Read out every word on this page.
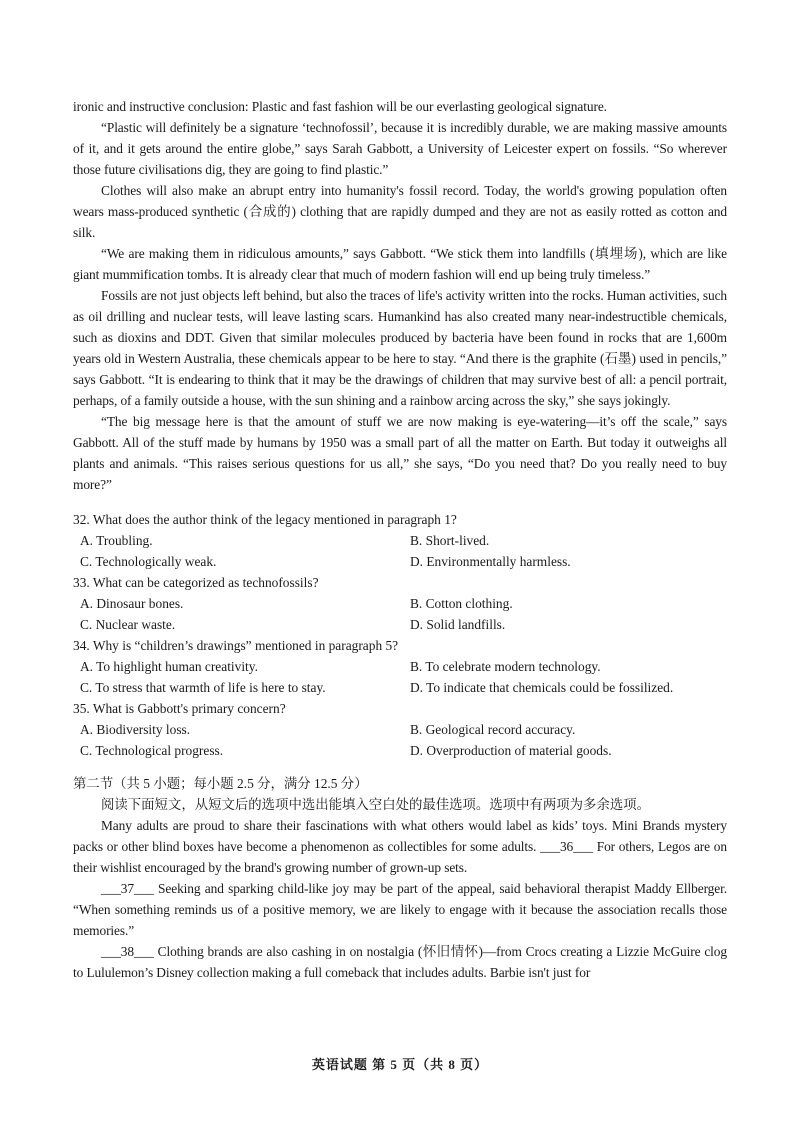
ironic and instructive conclusion: Plastic and fast fashion will be our everlasting geological signature.

“Plastic will definitely be a signature ‘technofossil’, because it is incredibly durable, we are making massive amounts of it, and it gets around the entire globe,” says Sarah Gabbott, a University of Leicester expert on fossils. “So wherever those future civilisations dig, they are going to find plastic.”

Clothes will also make an abrupt entry into humanity's fossil record. Today, the world's growing population often wears mass-produced synthetic (合成的) clothing that are rapidly dumped and they are not as easily rotted as cotton and silk.

“We are making them in ridiculous amounts,” says Gabbott. “We stick them into landfills (填埋场), which are like giant mummification tombs. It is already clear that much of modern fashion will end up being truly timeless.”

Fossils are not just objects left behind, but also the traces of life's activity written into the rocks. Human activities, such as oil drilling and nuclear tests, will leave lasting scars. Humankind has also created many near-indestructible chemicals, such as dioxins and DDT. Given that similar molecules produced by bacteria have been found in rocks that are 1,600m years old in Western Australia, these chemicals appear to be here to stay. “And there is the graphite (石墨) used in pencils,” says Gabbott. “It is endearing to think that it may be the drawings of children that may survive best of all: a pencil portrait, perhaps, of a family outside a house, with the sun shining and a rainbow arcing across the sky,” she says jokingly.

“The big message here is that the amount of stuff we are now making is eye-watering—it’s off the scale,” says Gabbott. All of the stuff made by humans by 1950 was a small part of all the matter on Earth. But today it outweighs all plants and animals. “This raises serious questions for us all,” she says, “Do you need that? Do you really need to buy more?”

32. What does the author think of the legacy mentioned in paragraph 1?

A. Troubling.	B. Short-lived.
C. Technologically weak.	D. Environmentally harmless.

33. What can be categorized as technofossils?

A. Dinosaur bones.	B. Cotton clothing.
C. Nuclear waste.	D. Solid landfills.

34. Why is “children’s drawings” mentioned in paragraph 5?

A. To highlight human creativity.	B. To celebrate modern technology.
C. To stress that warmth of life is here to stay.	D. To indicate that chemicals could be fossilized.

35. What is Gabbott's primary concern?

A. Biodiversity loss.	B. Geological record accuracy.
C. Technological progress.	D. Overproduction of material goods.

第二节（共 5 小题；每小题 2.5 分，满分 12.5 分）

阅读下面短文，从短文后的选项中选出能填入空白处的最佳选项。选项中有两项为多余选项。

Many adults are proud to share their fascinations with what others would label as kids’ toys. Mini Brands mystery packs or other blind boxes have become a phenomenon as collectibles for some adults. ___36___ For others, Legos are on their wishlist encouraged by the brand's growing number of grown-up sets.

___37___ Seeking and sparking child-like joy may be part of the appeal, said behavioral therapist Maddy Ellberger. “When something reminds us of a positive memory, we are likely to engage with it because the association recalls those memories.”

___38___ Clothing brands are also cashing in on nostalgia (怀旧情怀)—from Crocs creating a Lizzie McGuire clog to Lululemon’s Disney collection making a full comeback that includes adults. Barbie isn't just for

英语试题 第 5 页（共 8 页）
